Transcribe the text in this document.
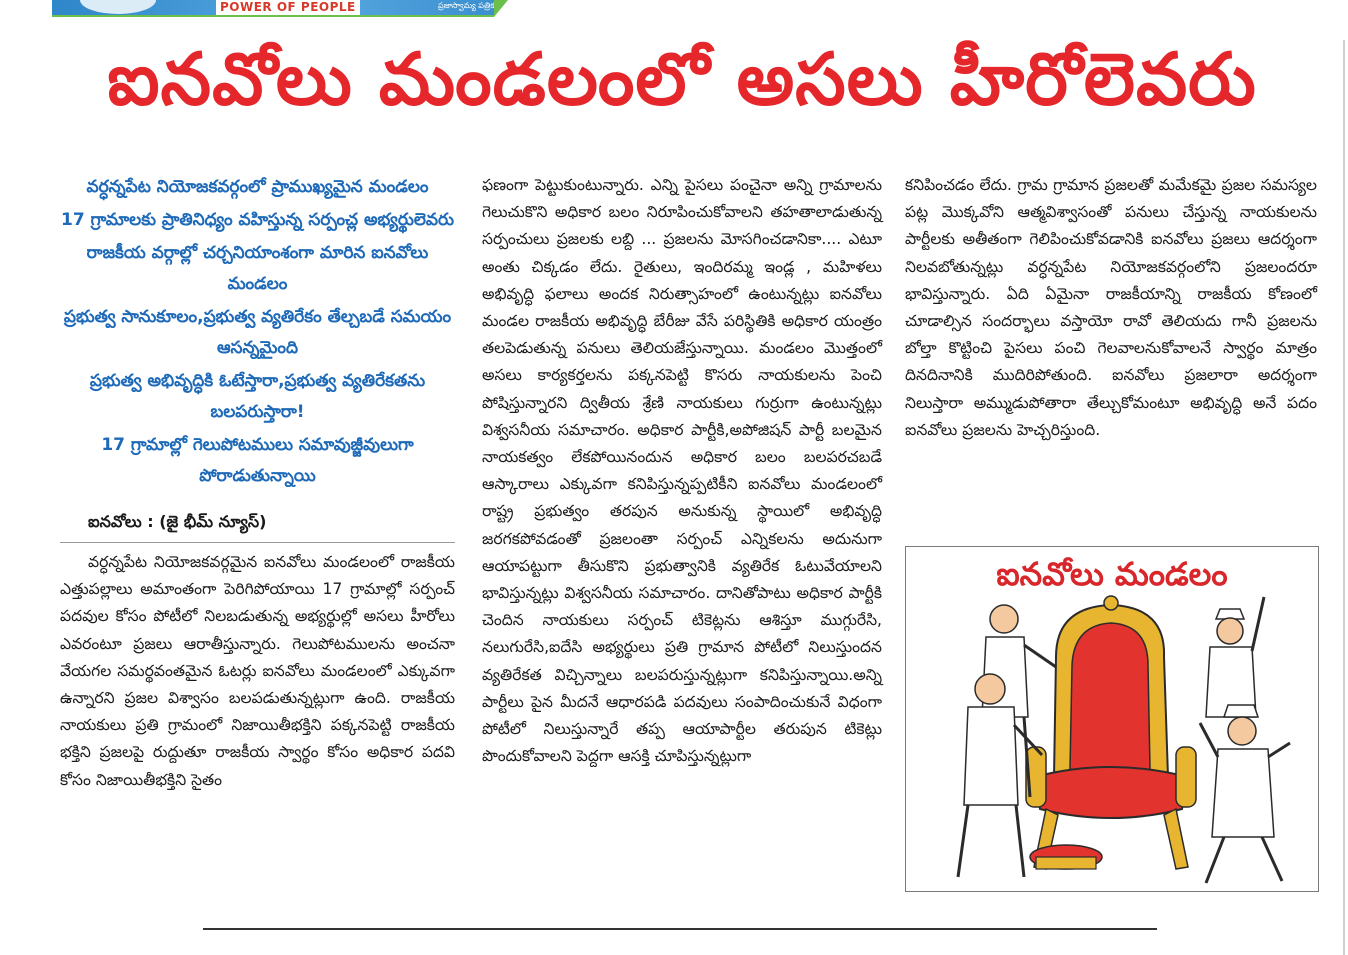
POWER OF PEOPLE	ప్రజాస్వామ్య పత్రిక
ఐనవోలు మండలంలో అసలు హీరోలెవరు
వర్ధన్నపేట నియోజకవర్గంలో ప్రాముఖ్యమైన మండలం
17 గ్రామాలకు ప్రాతినిధ్యం వహిస్తున్న సర్పంచ్ల అభ్యర్థులెవరు
రాజకీయ వర్గాల్లో చర్చనియాంశంగా మారిన ఐనవోలు మండలం
ప్రభుత్వ సానుకూలం,ప్రభుత్వ వ్యతిరేకం తేల్చబడే సమయం ఆసన్నమైంది
ప్రభుత్వ అభివృద్ధికి ఓటేస్తారా,ప్రభుత్వ వ్యతిరేకతను బలపరుస్తారా!
17 గ్రామాల్లో గెలుపోటములు సమావుజ్జీవులుగా పోరాడుతున్నాయి
ఐనవోలు : (జై భీమ్ న్యూస్)

వర్ధన్నపేట నియోజకవర్గమైన ఐనవోలు మండలంలో రాజకీయ ఎత్తుపల్లాలు అమాంతంగా పెరిగిపోయాయి 17 గ్రామాల్లో సర్పంచ్ పదవుల కోసం పోటీలో నిలబడుతున్న అభ్యర్థుల్లో అసలు హీరోలు ఎవరంటూ ప్రజలు ఆరాతీస్తున్నారు. గెలుపోటములను అంచనా వేయగల సమర్థవంతమైన ఓటర్లు ఐనవోలు మండలంలో ఎక్కువగా ఉన్నారని ప్రజల విశ్వాసం బలపడుతున్నట్లుగా ఉంది. రాజకీయ నాయకులు ప్రతి గ్రామంలో నిజాయితీభక్తిని పక్కనపెట్టి రాజకీయ భక్తిని ప్రజలపై రుద్దుతూ రాజకీయ స్వార్థం కోసం అధికార పదవి కోసం నిజాయితీభక్తిని సైతం

ఫణంగా పెట్టుకుంటున్నారు. ఎన్ని పైసలు పంచైనా అన్ని గ్రామాలను గెలుచుకొని అధికార బలం నిరూపించుకోవాలని తహతాలాడుతున్న సర్పంచులు ప్రజలకు లబ్ది ... ప్రజలను మోసగించడానికా.... ఎటూ అంతు చిక్కడం లేదు. రైతులు, ఇందిరమ్మ ఇండ్ల , మహిళలు అభివృద్ధి ఫలాలు అందక నిరుత్సాహంలో ఉంటున్నట్లు ఐనవోలు మండల రాజకీయ అభివృద్ధి బేరీజు వేసే పరిస్థితికి అధికార యంత్రం తలపెడుతున్న పనులు తెలియజేస్తున్నాయి. మండలం మొత్తంలో అసలు కార్యకర్తలను పక్కనపెట్టి కొసరు నాయకులను పెంచి పోషిస్తున్నారని ద్వితీయ శ్రేణి నాయకులు గుర్రుగా ఉంటున్నట్లు విశ్వసనీయ సమాచారం. అధికార పార్టీకి,అపోజిషన్ పార్టీ బలమైన నాయకత్వం లేకపోయినందున అధికార బలం బలపరచబడే ఆస్కారాలు ఎక్కువగా కనిపిస్తున్నప్పటికీని ఐనవోలు మండలంలో రాష్ట్ర ప్రభుత్వం తరపున అనుకున్న స్థాయిలో అభివృద్ధి జరగకపోవడంతో ప్రజలంతా సర్పంచ్ ఎన్నికలను అదునుగా ఆయాపట్టుగా తీసుకొని ప్రభుత్వానికి వ్యతిరేక ఓటువేయాలని భావిస్తున్నట్లు విశ్వసనీయ సమాచారం. దానితోపాటు అధికార పార్టీకి చెందిన నాయకులు సర్పంచ్ టికెట్లను ఆశిస్తూ ముగ్గురేసి, నలుగురేసి,ఐదేసి అభ్యర్థులు ప్రతి గ్రామాన పోటీలో నిలుస్తుందన వ్యతిరేకత విచ్చిన్నాలు బలపరుస్తున్నట్లుగా కనిపిస్తున్నాయి.అన్ని పార్టీలు పైన మీదనే ఆధారపడి పదవులు సంపాదించుకునే విధంగా పోటీలో నిలుస్తున్నారే తప్ప ఆయాపార్టీల తరుపున టికెట్లు పొందుకోవాలని పెద్దగా ఆసక్తి చూపిస్తున్నట్లుగా

కనిపించడం లేదు. గ్రామ గ్రామాన ప్రజలతో మమేకమై ప్రజల సమస్యల పట్ల మొక్కవోని ఆత్మవిశ్వాసంతో పనులు చేస్తున్న నాయకులను పార్టీలకు అతీతంగా గెలిపించుకోవడానికి ఐనవోలు ప్రజలు ఆదర్శంగా నిలవబోతున్నట్లు వర్ధన్నపేట నియోజకవర్గంలోని ప్రజలందరూ భావిస్తున్నారు. ఏది ఏమైనా రాజకీయాన్ని రాజకీయ కోణంలో చూడాల్సిన సందర్భాలు వస్తాయో రావో తెలియదు గానీ ప్రజలను బోల్తా కొట్టించి పైసలు పంచి గెలవాలనుకోవాలనే స్వార్థం మాత్రం దినదినానికి ముదిరిపోతుంది. ఐనవోలు ప్రజలారా అదర్శంగా నిలుస్తారా అమ్ముడుపోతారా తేల్చుకోమంటూ అభివృద్ధి అనే పదం ఐనవోలు ప్రజలను హెచ్చరిస్తుంది.

ఐనవోలు మండలం
